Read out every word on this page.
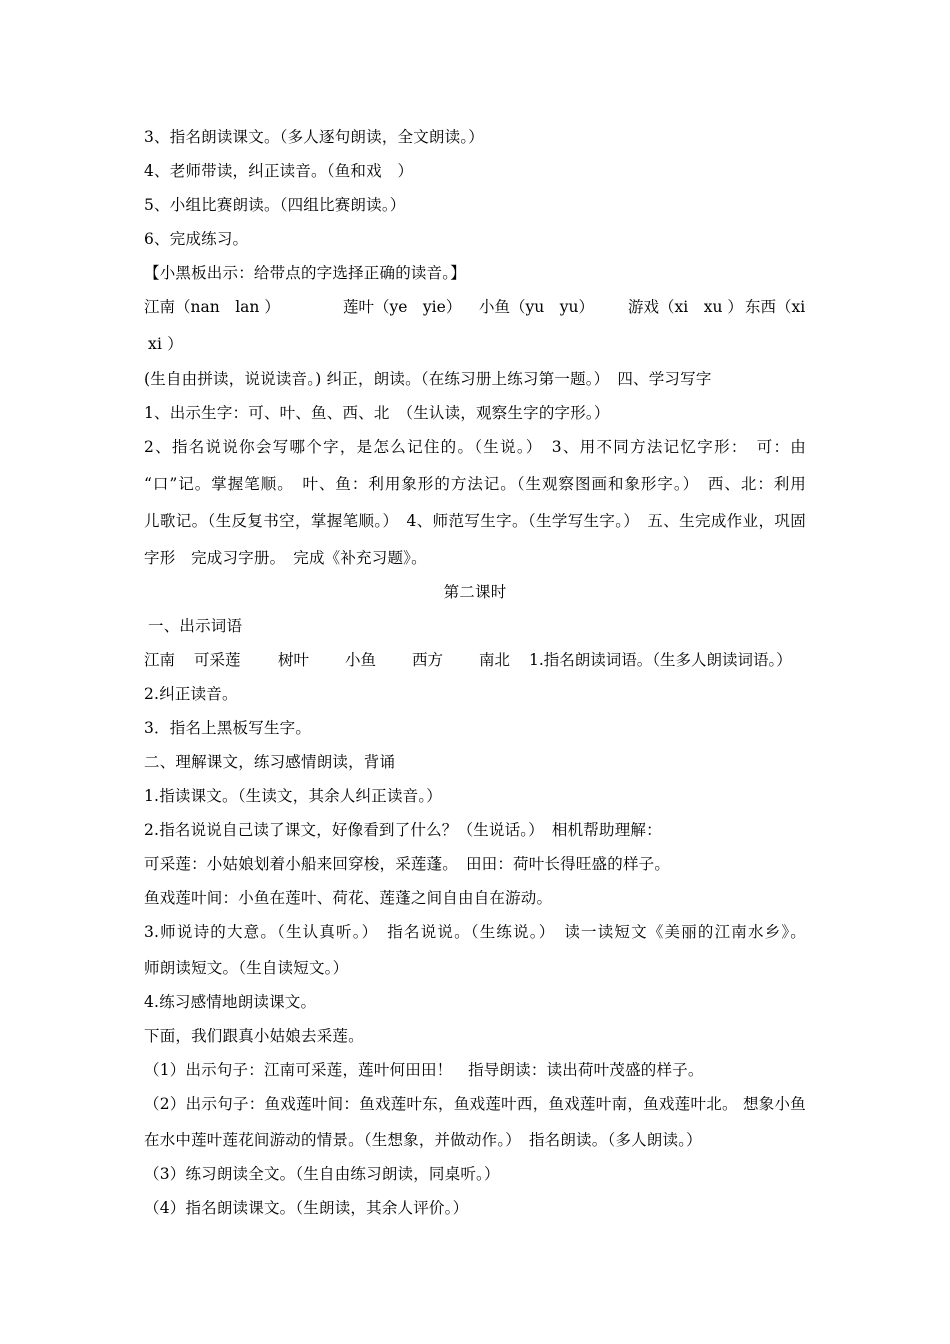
3、指名朗读课文。（多人逐句朗读，全文朗读。）
4、老师带读，纠正读音。（鱼和戏　）
5、小组比赛朗读。（四组比赛朗读。）
6、完成练习。
【小黑板出示：给带点的字选择正确的读音。】
江南（nan　lan ）	莲叶（ye　yie） 小鱼（yu　yu） 游戏（xi　xu ） 东西（xi
xi ）
(生自由拼读，说说读音。) 纠正，朗读。（在练习册上练习第一题。）　四、学习写字
1、出示生字：可、叶、鱼、西、北　（生认读，观察生字的字形。）
2、指名说说你会写哪个字，是怎么记住的。（生说。）　3、用不同方法记忆字形：　可：由
“口”记。掌握笔顺。　叶、鱼：利用象形的方法记。（生观察图画和象形字。）　西、北：利用
儿歌记。（生反复书空，掌握笔顺。）　4、师范写生字。（生学写生字。）　五、生完成作业，巩固
字形　完成习字册。　完成《补充习题》。
第二课时
一、出示词语
江南 可采莲 树叶 小鱼 西方 南北 1.指名朗读词语。（生多人朗读词语。）
2.纠正读音。
3．指名上黑板写生字。
二、理解课文，练习感情朗读，背诵
1.指读课文。（生读文，其余人纠正读音。）
2.指名说说自己读了课文，好像看到了什么？（生说话。）　相机帮助理解：
可采莲：小姑娘划着小船来回穿梭，采莲蓬。　田田：荷叶长得旺盛的样子。
鱼戏莲叶间：小鱼在莲叶、荷花、莲蓬之间自由自在游动。
3.师说诗的大意。（生认真听。）　指名说说。（生练说。）　读一读短文《美丽的江南水乡》。
师朗读短文。（生自读短文。）
4.练习感情地朗读课文。
下面，我们跟真小姑娘去采莲。
（1）出示句子：江南可采莲，莲叶何田田！　指导朗读：读出荷叶茂盛的样子。
（2）出示句子：鱼戏莲叶间：鱼戏莲叶东，鱼戏莲叶西，鱼戏莲叶南，鱼戏莲叶北。 想象小鱼
在水中莲叶莲花间游动的情景。（生想象，并做动作。）　指名朗读。（多人朗读。）
（3）练习朗读全文。（生自由练习朗读，同桌听。）
（4）指名朗读课文。（生朗读，其余人评价。）
